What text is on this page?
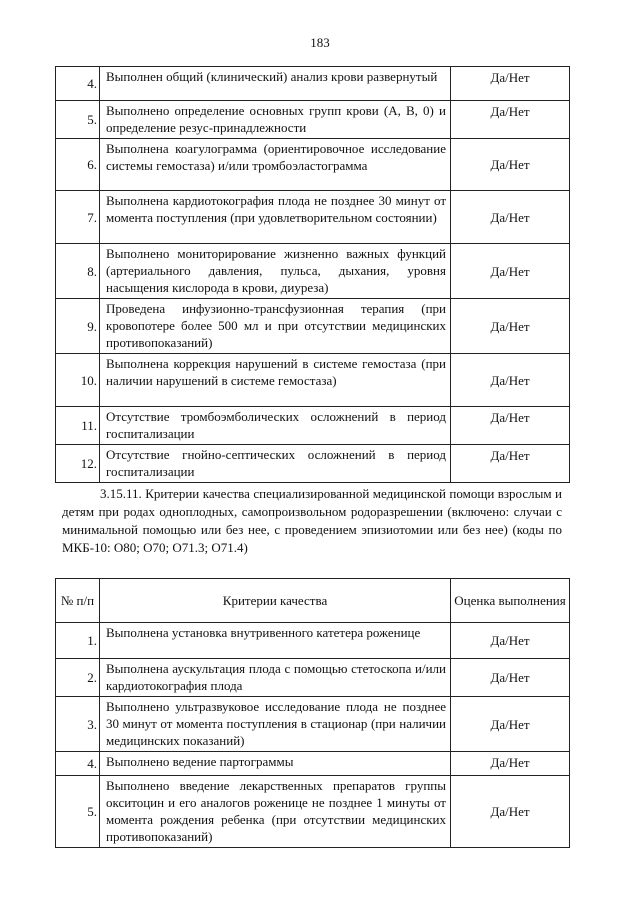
183
4.	Выполнен общий (клинический) анализ крови развернутый	Да/Нет
5.	Выполнено определение основных групп крови (А, В, 0) и определение резус-принадлежности	Да/Нет
6.	Выполнена коагулограмма (ориентировочное исследование системы гемостаза) и/или тромбоэластограмма	Да/Нет
7.	Выполнена кардиотокография плода не позднее 30 минут от момента поступления (при удовлетворительном состоянии)	Да/Нет
8.	Выполнено мониторирование жизненно важных функций (артериального давления, пульса, дыхания, уровня насыщения кислорода в крови, диуреза)	Да/Нет
9.	Проведена инфузионно-трансфузионная терапия (при кровопотере более 500 мл и при отсутствии медицинских противопоказаний)	Да/Нет
10.	Выполнена коррекция нарушений в системе гемостаза (при наличии нарушений в системе гемостаза)	Да/Нет
11.	Отсутствие тромбоэмболических осложнений в период госпитализации	Да/Нет
12.	Отсутствие гнойно-септических осложнений в период госпитализации	Да/Нет
3.15.11. Критерии качества специализированной медицинской помощи взрослым и детям при родах одноплодных, самопроизвольном родоразрешении (включено: случаи с минимальной помощью или без нее, с проведением эпизиотомии или без нее) (коды по МКБ-10: О80; О70; О71.3; О71.4)
№ п/п	Критерии качества	Оценка выполнения
1.	Выполнена установка внутривенного катетера роженице	Да/Нет
2.	Выполнена аускультация плода с помощью стетоскопа и/или кардиотокография плода	Да/Нет
3.	Выполнено ультразвуковое исследование плода не позднее 30 минут от момента поступления в стационар (при наличии медицинских показаний)	Да/Нет
4.	Выполнено ведение партограммы	Да/Нет
5.	Выполнено введение лекарственных препаратов группы окситоцин и его аналогов роженице не позднее 1 минуты от момента рождения ребенка (при отсутствии медицинских противопоказаний)	Да/Нет
